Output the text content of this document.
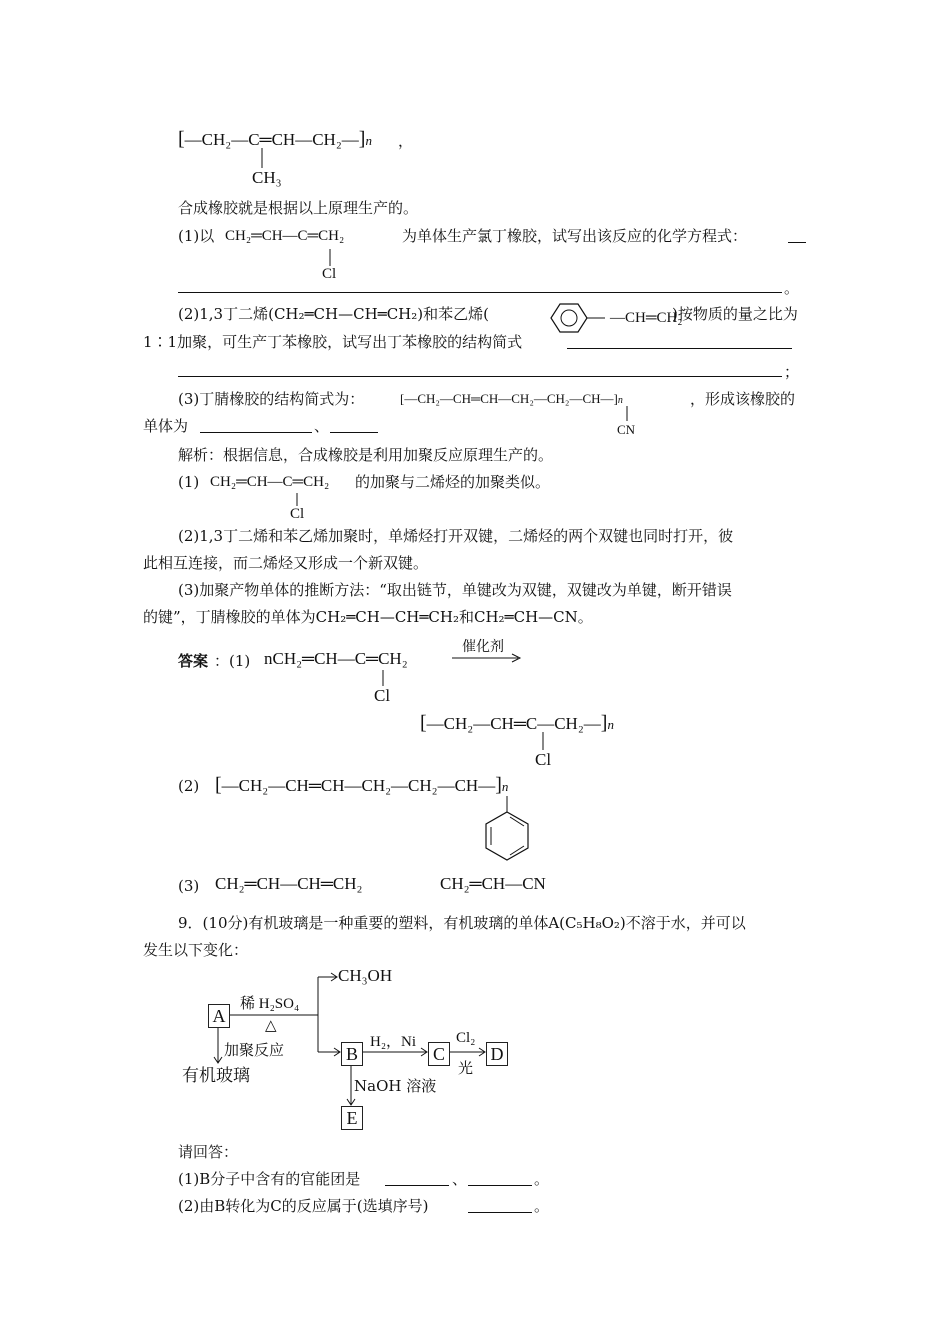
[—CH₂—C═CH—CH₂—]n ，
CH₃
合成橡胶就是根据以上原理生产的。
(1)以 CH₂═CH—C═CH₂
Cl
为单体生产氯丁橡胶，试写出该反应的化学方程式：
。
(2)1,3丁二烯(CH₂═CH—CH═CH₂)和苯乙烯(	—CH═CH₂
)按物质的量之比为
1∶1加聚，可生产丁苯橡胶，试写出丁苯橡胶的结构简式
；
(3)丁腈橡胶的结构简式为：	[—CH₂—CH═CH—CH₂—CH₂—CH—]n
CN
，形成该橡胶的
单体为	、
解析：根据信息，合成橡胶是利用加聚反应原理生产的。
(1) CH₂═CH—C═CH₂
Cl
的加聚与二烯烃的加聚类似。
(2)1,3丁二烯和苯乙烯加聚时，单烯烃打开双键，二烯烃的两个双键也同时打开，彼
此相互连接，而二烯烃又形成一个新双键。
(3)加聚产物单体的推断方法：“取出链节，单键改为双键，双键改为单键，断开错误
的键”，丁腈橡胶的单体为CH₂═CH—CH═CH₂和CH₂═CH—CN。
答案 ：(1) nCH₂═CH—C═CH₂
Cl
催化剂
[—CH₂—CH═C—CH₂—]n
Cl
(2) [—CH₂—CH═CH—CH₂—CH₂—CH—]n
(3) CH₂═CH—CH═CH₂	CH₂═CH—CN
9．(10分)有机玻璃是一种重要的塑料，有机玻璃的单体A(C₅H₈O₂)不溶于水，并可以
发生以下变化：
A
B	C	D
E
CH₃OH
稀 H₂SO₄
△
加聚反应
有机玻璃
H₂，Ni	Cl₂
光
NaOH 溶液
请回答：
(1)B分子中含有的官能团是	、	。
(2)由B转化为C的反应属于(选填序号)	。
